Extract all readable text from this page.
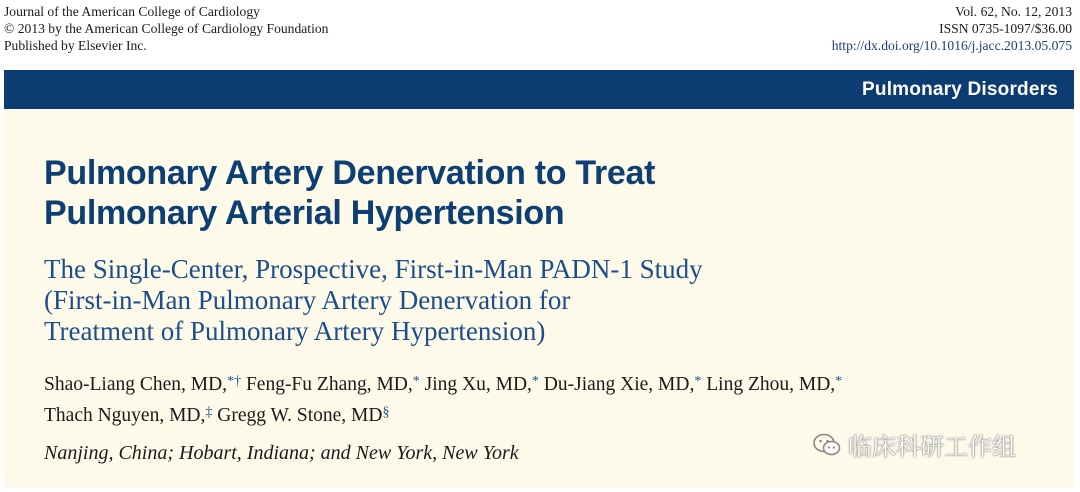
Journal of the American College of Cardiology
© 2013 by the American College of Cardiology Foundation
Published by Elsevier Inc.
Vol. 62, No. 12, 2013
ISSN 0735-1097/$36.00
http://dx.doi.org/10.1016/j.jacc.2013.05.075
Pulmonary Disorders
Pulmonary Artery Denervation to Treat
Pulmonary Arterial Hypertension
The Single-Center, Prospective, First-in-Man PADN-1 Study
(First-in-Man Pulmonary Artery Denervation for
Treatment of Pulmonary Artery Hypertension)
Shao-Liang Chen, MD,*† Feng-Fu Zhang, MD,* Jing Xu, MD,* Du-Jiang Xie, MD,* Ling Zhou, MD,*
Thach Nguyen, MD,‡ Gregg W. Stone, MD§
Nanjing, China; Hobart, Indiana; and New York, New York	临床科研工作组
